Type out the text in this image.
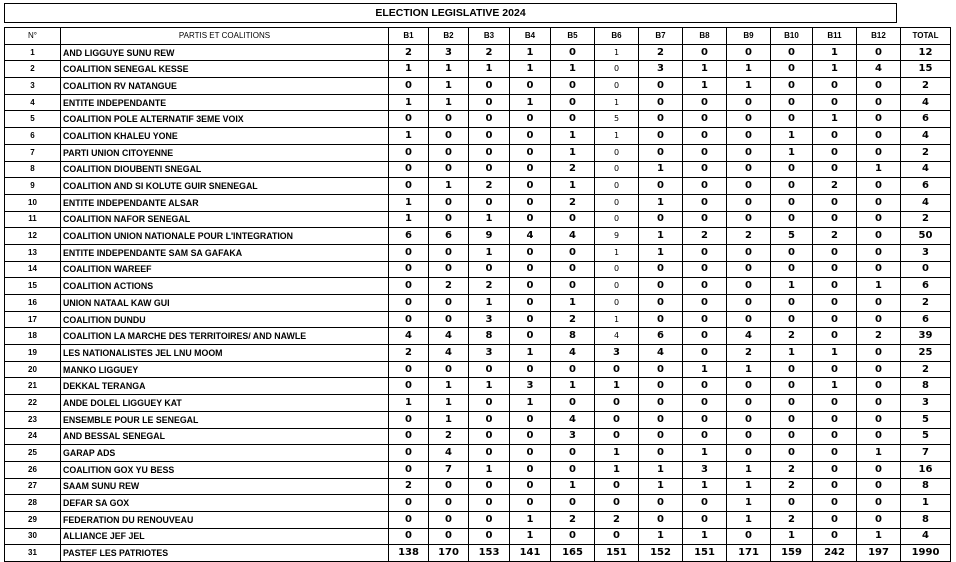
ELECTION LEGISLATIVE 2024
N°	PARTIS ET COALITIONS	B1	B2	B3	B4	B5	B6	B7	B8	B9	B10	B11	B12	TOTAL
1	AND LIGGUYE SUNU REW	2	3	2	1	0	1	2	0	0	0	1	0	12
2	COALITION SENEGAL KESSE	1	1	1	1	1	0	3	1	1	0	1	4	15
3	COALITION RV NATANGUE	0	1	0	0	0	0	0	1	1	0	0	0	2
4	ENTITE INDEPENDANTE	1	1	0	1	0	1	0	0	0	0	0	0	4
5	COALITION POLE ALTERNATIF 3EME VOIX	0	0	0	0	0	5	0	0	0	0	1	0	6
6	COALITION KHALEU YONE	1	0	0	0	1	1	0	0	0	1	0	0	4
7	PARTI UNION CITOYENNE	0	0	0	0	1	0	0	0	0	1	0	0	2
8	COALITION DIOUBENTI SNEGAL	0	0	0	0	2	0	1	0	0	0	0	1	4
9	COALITION AND SI KOLUTE GUIR SNENEGAL	0	1	2	0	1	0	0	0	0	0	2	0	6
10	ENTITE INDEPENDANTE ALSAR	1	0	0	0	2	0	1	0	0	0	0	0	4
11	COALITION NAFOR SENEGAL	1	0	1	0	0	0	0	0	0	0	0	0	2
12	COALITION UNION NATIONALE POUR L'INTEGRATION	6	6	9	4	4	9	1	2	2	5	2	0	50
13	ENTITE INDEPENDANTE SAM SA GAFAKA	0	0	1	0	0	1	1	0	0	0	0	0	3
14	COALITION WAREEF	0	0	0	0	0	0	0	0	0	0	0	0	0
15	COALITION ACTIONS	0	2	2	0	0	0	0	0	0	1	0	1	6
16	UNION NATAAL KAW GUI	0	0	1	0	1	0	0	0	0	0	0	0	2
17	COALITION DUNDU	0	0	3	0	2	1	0	0	0	0	0	0	6
18	COALITION LA MARCHE DES TERRITOIRES/ AND NAWLE	4	4	8	0	8	4	6	0	4	2	0	2	39
19	LES NATIONALISTES JEL LNU MOOM	2	4	3	1	4	3	4	0	2	1	1	0	25
20	MANKO LIGGUEY	0	0	0	0	0	0	0	1	1	0	0	0	2
21	DEKKAL TERANGA	0	1	1	3	1	1	0	0	0	0	1	0	8
22	ANDE DOLEL LIGGUEY KAT	1	1	0	1	0	0	0	0	0	0	0	0	3
23	ENSEMBLE POUR LE SENEGAL	0	1	0	0	4	0	0	0	0	0	0	0	5
24	AND BESSAL SENEGAL	0	2	0	0	3	0	0	0	0	0	0	0	5
25	GARAP ADS	0	4	0	0	0	1	0	1	0	0	0	1	7
26	COALITION GOX YU BESS	0	7	1	0	0	1	1	3	1	2	0	0	16
27	SAAM SUNU REW	2	0	0	0	1	0	1	1	1	2	0	0	8
28	DEFAR SA GOX	0	0	0	0	0	0	0	0	1	0	0	0	1
29	FEDERATION DU RENOUVEAU	0	0	0	1	2	2	0	0	1	2	0	0	8
30	ALLIANCE JEF JEL	0	0	0	1	0	0	1	1	0	1	0	1	4
31	PASTEF LES PATRIOTES	138	170	153	141	165	151	152	151	171	159	242	197	1990
